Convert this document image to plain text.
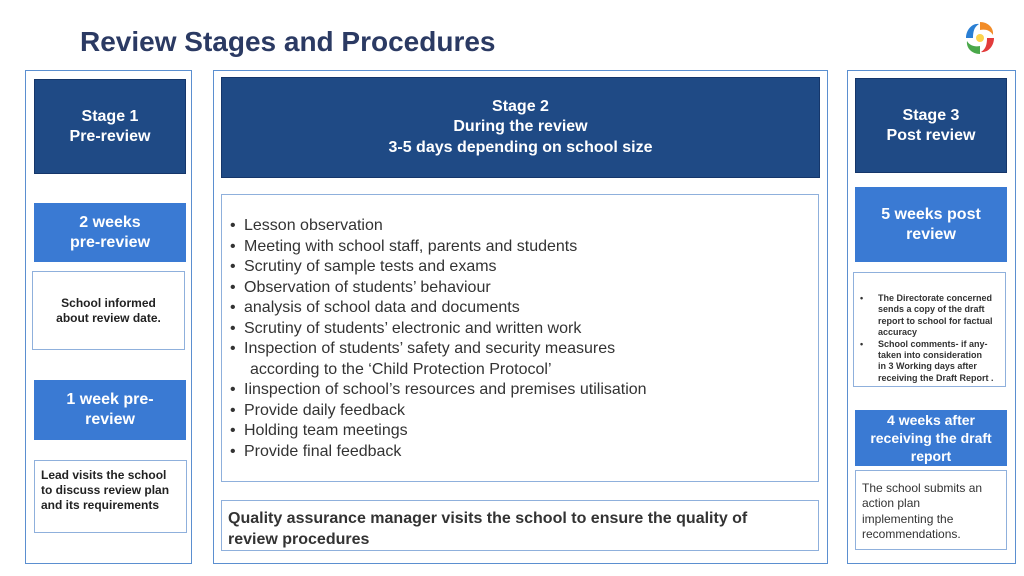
Review Stages and Procedures
Stage 1
Pre-review
2 weeks
pre-review
School informed
about review date.
1 week pre-
review
Lead visits the school
to discuss review plan
and its requirements
Stage 2
During the review
3-5 days depending on school size
• Lesson observation
• Meeting with school staff, parents and students
• Scrutiny of sample tests and exams
• Observation of students’ behaviour
• analysis of school data and documents
• Scrutiny of students’ electronic and written work
• Inspection of students’ safety and security measures
according to the ‘Child Protection Protocol’
• Iinspection of school’s resources and premises utilisation
• Provide daily feedback
• Holding team meetings
• Provide final feedback
Quality assurance manager visits the school to ensure the quality of
review procedures
Stage 3
Post review
5 weeks post
review
• The Directorate concerned
sends a copy of the draft
report to school for factual
accuracy
• School comments- if any-
taken into consideration
in 3 Working days after
receiving the Draft Report .
4 weeks after
receiving the draft
report
The school submits an
action plan
implementing the
recommendations.
